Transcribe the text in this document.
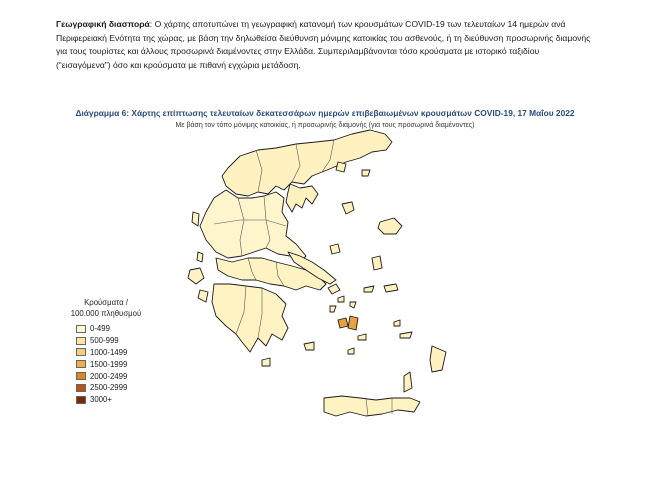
Γεωγραφική διασπορά: Ο χάρτης αποτυπώνει τη γεωγραφική κατανομή των κρουσμάτων COVID-19 των τελευταίων 14 ημερών ανά Περιφερειακή Ενότητα της χώρας, με βάση την δηλωθείσα διεύθυνση μόνιμης κατοικίας του ασθενούς, ή τη διεύθυνση προσωρινής διαμονής για τους τουρίστες και άλλους προσωρινά διαμένοντες στην Ελλάδα. Συμπεριλαμβάνονται τόσο κρούσματα με ιστορικό ταξιδίου (“εισαγόμενα”) όσο και κρούσματα με πιθανή εγχώρια μετάδοση.
Διάγραμμα 6: Χάρτης επίπτωσης τελευταίων δεκατεσσάρων ημερών επιβεβαιωμένων κρουσμάτων COVID-19, 17 Μαΐου 2022
Με βάση τον τόπο μόνιμης κατοικίας, ή προσωρινής διαμονής (για τους προσωρινά διαμένοντες)
Κρούσματα /
100.000 πληθυσμού
0-499
500-999
1000-1499
1500-1999
2000-2499
2500-2999
3000+
